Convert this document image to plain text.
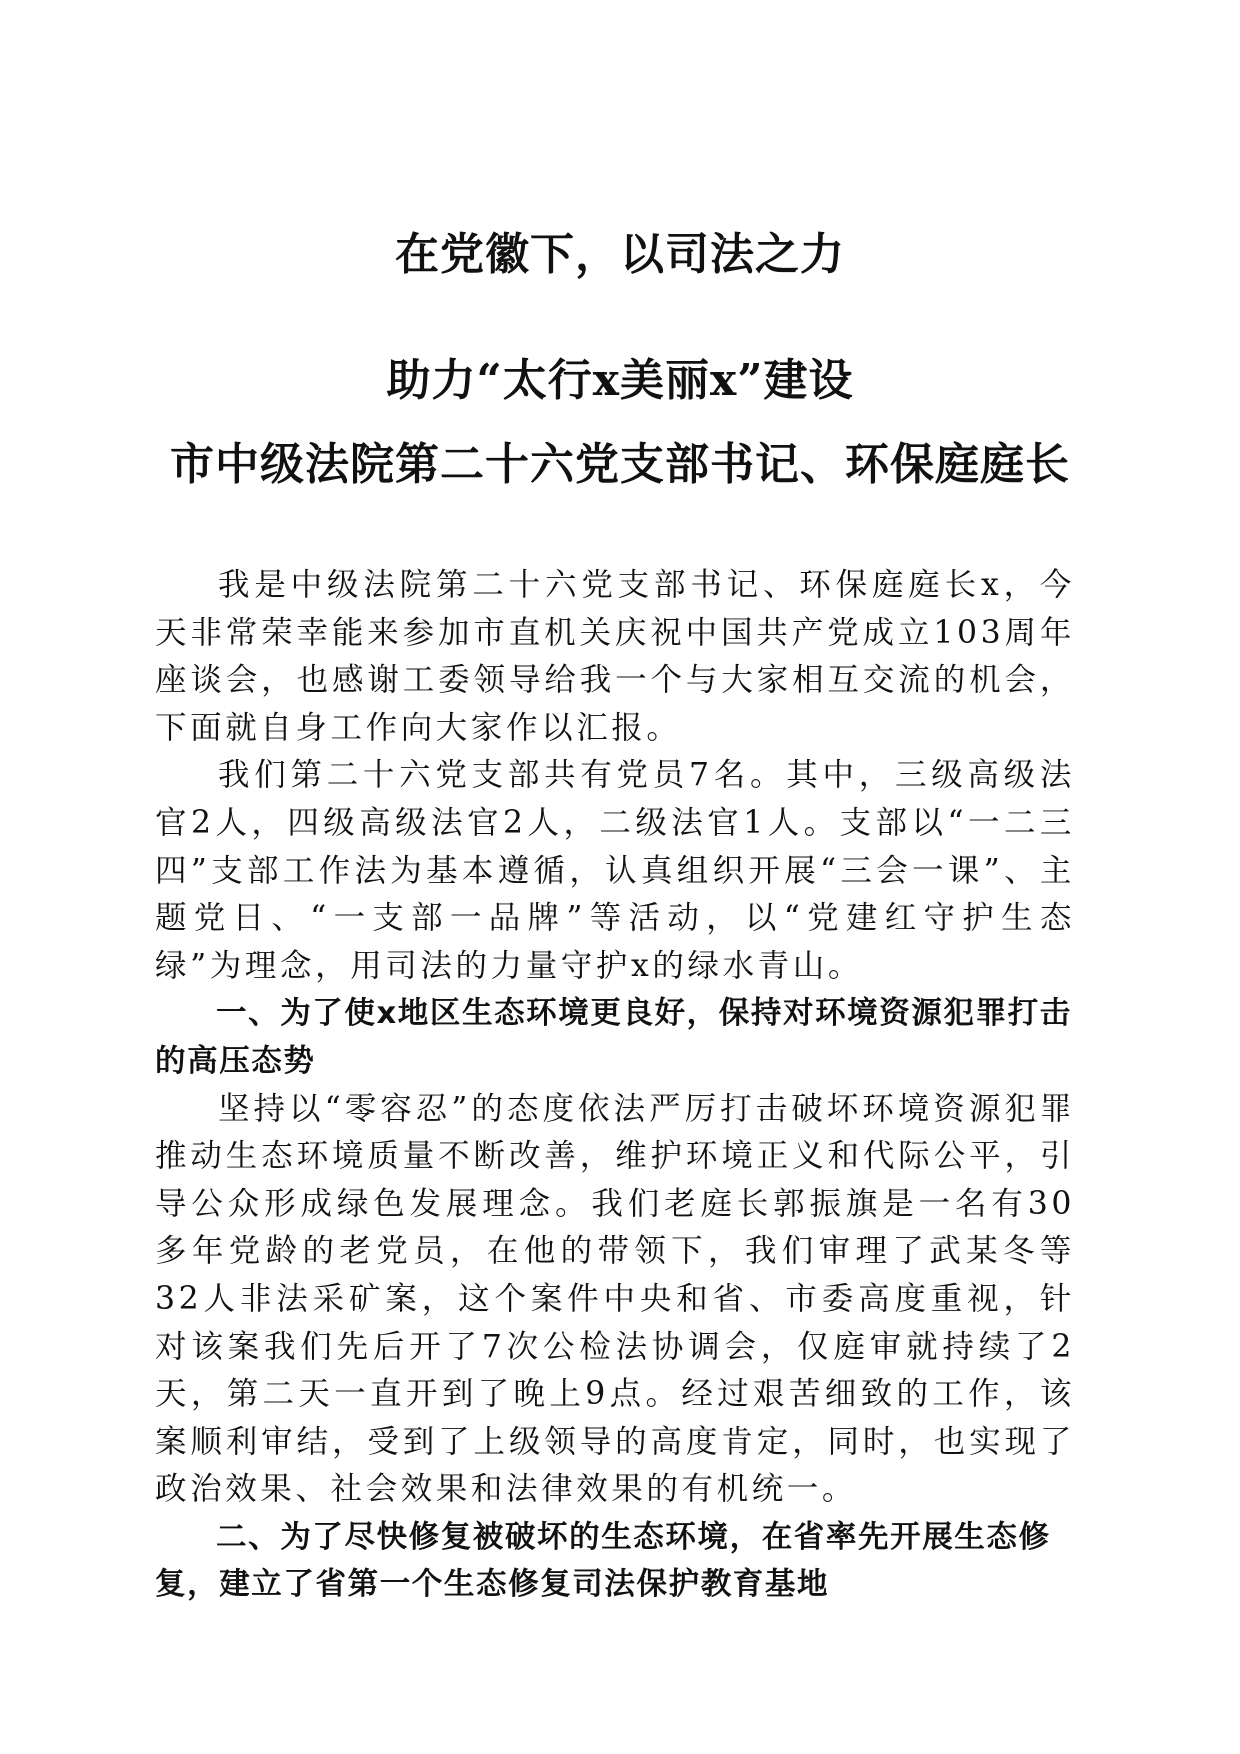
在党徽下，以司法之力
助力“太行x美丽x”建设
市中级法院第二十六党支部书记、环保庭庭长

我是中级法院第二十六党支部书记、环保庭庭长x，今天非常荣幸能来参加市直机关庆祝中国共产党成立103周年座谈会，也感谢工委领导给我一个与大家相互交流的机会，下面就自身工作向大家作以汇报。

我们第二十六党支部共有党员7名。其中，三级高级法官2人，四级高级法官2人，二级法官1人。支部以“一二三四”支部工作法为基本遵循，认真组织开展“三会一课”、主题党日、“一支部一品牌”等活动，以“党建红守护生态绿”为理念，用司法的力量守护x的绿水青山。

一、为了使x地区生态环境更良好，保持对环境资源犯罪打击的高压态势

坚持以“零容忍”的态度依法严厉打击破坏环境资源犯罪推动生态环境质量不断改善，维护环境正义和代际公平，引导公众形成绿色发展理念。我们老庭长郭振旗是一名有30多年党龄的老党员，在他的带领下，我们审理了武某冬等32人非法采矿案，这个案件中央和省、市委高度重视，针对该案我们先后开了7次公检法协调会，仅庭审就持续了2天，第二天一直开到了晚上9点。经过艰苦细致的工作，该案顺利审结，受到了上级领导的高度肯定，同时，也实现了政治效果、社会效果和法律效果的有机统一。

二、为了尽快修复被破坏的生态环境，在省率先开展生态修复，建立了省第一个生态修复司法保护教育基地
